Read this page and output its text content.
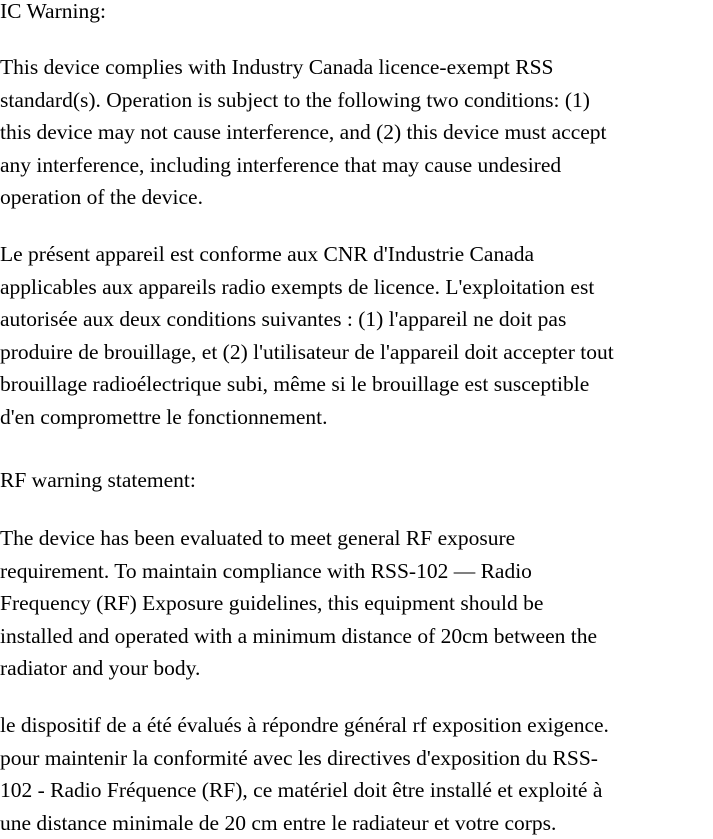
IC Warning:

This device complies with Industry Canada licence-exempt RSS
standard(s). Operation is subject to the following two conditions: (1)
this device may not cause interference, and (2) this device must accept
any interference, including interference that may cause undesired
operation of the device.

Le présent appareil est conforme aux CNR d'Industrie Canada
applicables aux appareils radio exempts de licence. L'exploitation est
autorisée aux deux conditions suivantes : (1) l'appareil ne doit pas
produire de brouillage, et (2) l'utilisateur de l'appareil doit accepter tout
brouillage radioélectrique subi, même si le brouillage est susceptible
d'en compromettre le fonctionnement.

RF warning statement:

The device has been evaluated to meet general RF exposure
requirement. To maintain compliance with RSS-102 — Radio
Frequency (RF) Exposure guidelines, this equipment should be
installed and operated with a minimum distance of 20cm between the
radiator and your body.

le dispositif de a été évalués à répondre général rf exposition exigence.
pour maintenir la conformité avec les directives d'exposition du RSS-
102 - Radio Fréquence (RF), ce matériel doit être installé et exploité à
une distance minimale de 20 cm entre le radiateur et votre corps.
